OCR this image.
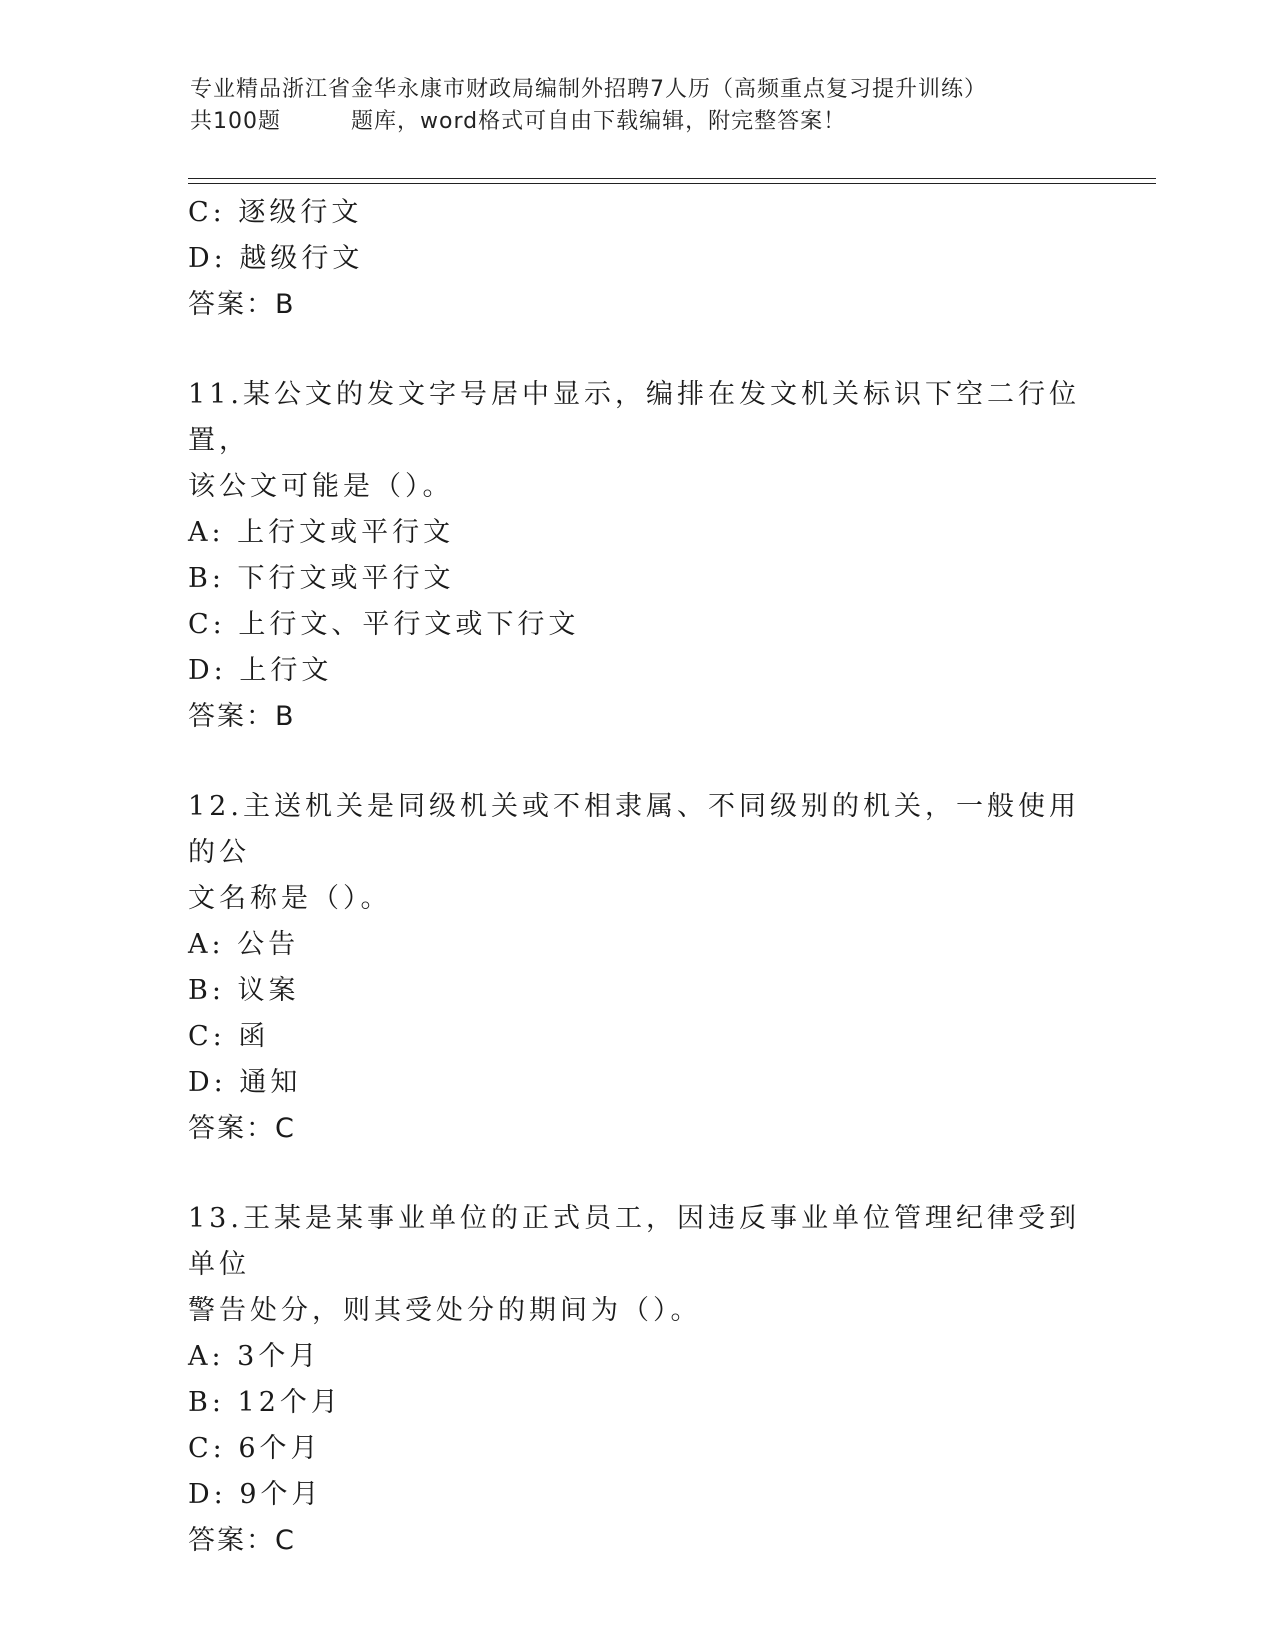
专业精品浙江省金华永康市财政局编制外招聘7人历（高频重点复习提升训练）
共100题	题库，word格式可自由下载编辑，附完整答案！
C: 逐级行文
D: 越级行文
答案：B
11.某公文的发文字号居中显示，编排在发文机关标识下空二行位置，
该公文可能是（）。
A: 上行文或平行文
B: 下行文或平行文
C: 上行文、平行文或下行文
D: 上行文
答案：B
12.主送机关是同级机关或不相隶属、不同级别的机关，一般使用的公
文名称是（）。
A: 公告
B: 议案
C: 函
D: 通知
答案：C
13.王某是某事业单位的正式员工，因违反事业单位管理纪律受到单位
警告处分，则其受处分的期间为（）。
A: 3个月
B: 12个月
C: 6个月
D: 9个月
答案：C
